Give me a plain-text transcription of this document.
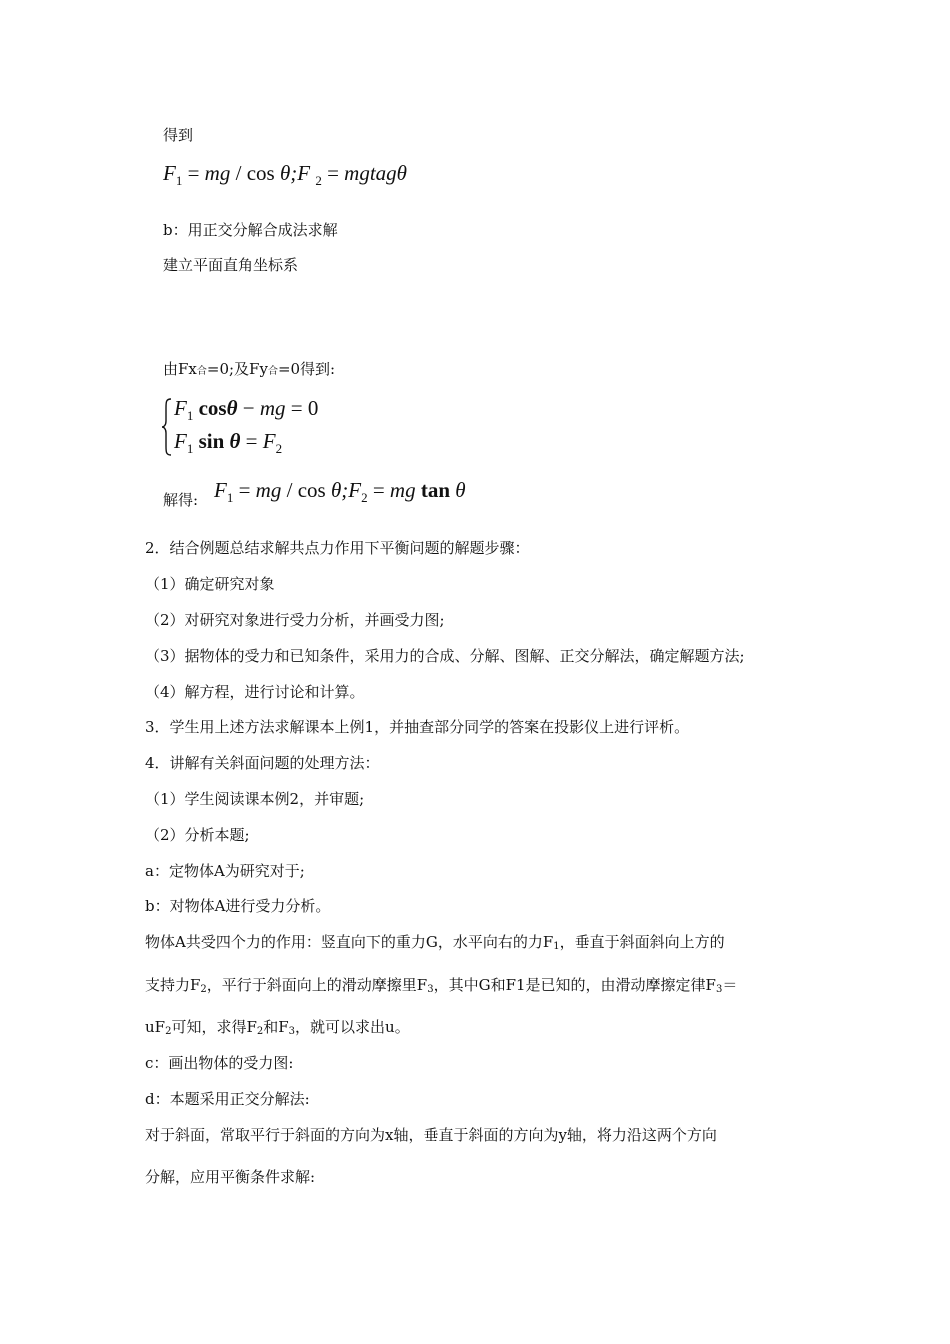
得到
$F_1$ = mg / cos θ;F $_2$ = mgtagθ
b：用正交分解合成法求解
建立平面直角坐标系
由Fx合=0;及Fy合=0得到:
$F_1$ cosθ − mg = 0
$F_1$ $\sin \theta = F_2$
解得: $F_1$ = mg / $\cos \theta;F_2$ = mg tan θ
2．结合例题总结求解共点力作用下平衡问题的解题步骤：
（1）确定研究对象
（2）对研究对象进行受力分析，并画受力图;
（3）据物体的受力和已知条件，采用力的合成、分解、图解、正交分解法，确定解题方法;
（4）解方程，进行讨论和计算。
3．学生用上述方法求解课本上例1，并抽查部分同学的答案在投影仪上进行评析。
4．讲解有关斜面问题的处理方法：
（1）学生阅读课本例2，并审题;
（2）分析本题;
a：定物体A为研究对于;
b：对物体A进行受力分析。
物体A共受四个力的作用：竖直向下的重力G，水平向右的力$F_1$，垂直于斜面斜向上方的
支持力$F_2$，平行于斜面向上的滑动摩擦里$F_3$，其中G和F1是已知的，由滑动摩擦定律$F_3=$
$uF_2$可知，求得$F_2$和$F_3$，就可以求出u。
c：画出物体的受力图:
d：本题采用正交分解法:
对于斜面，常取平行于斜面的方向为x轴，垂直于斜面的方向为y轴，将力沿这两个方向
分解，应用平衡条件求解:
